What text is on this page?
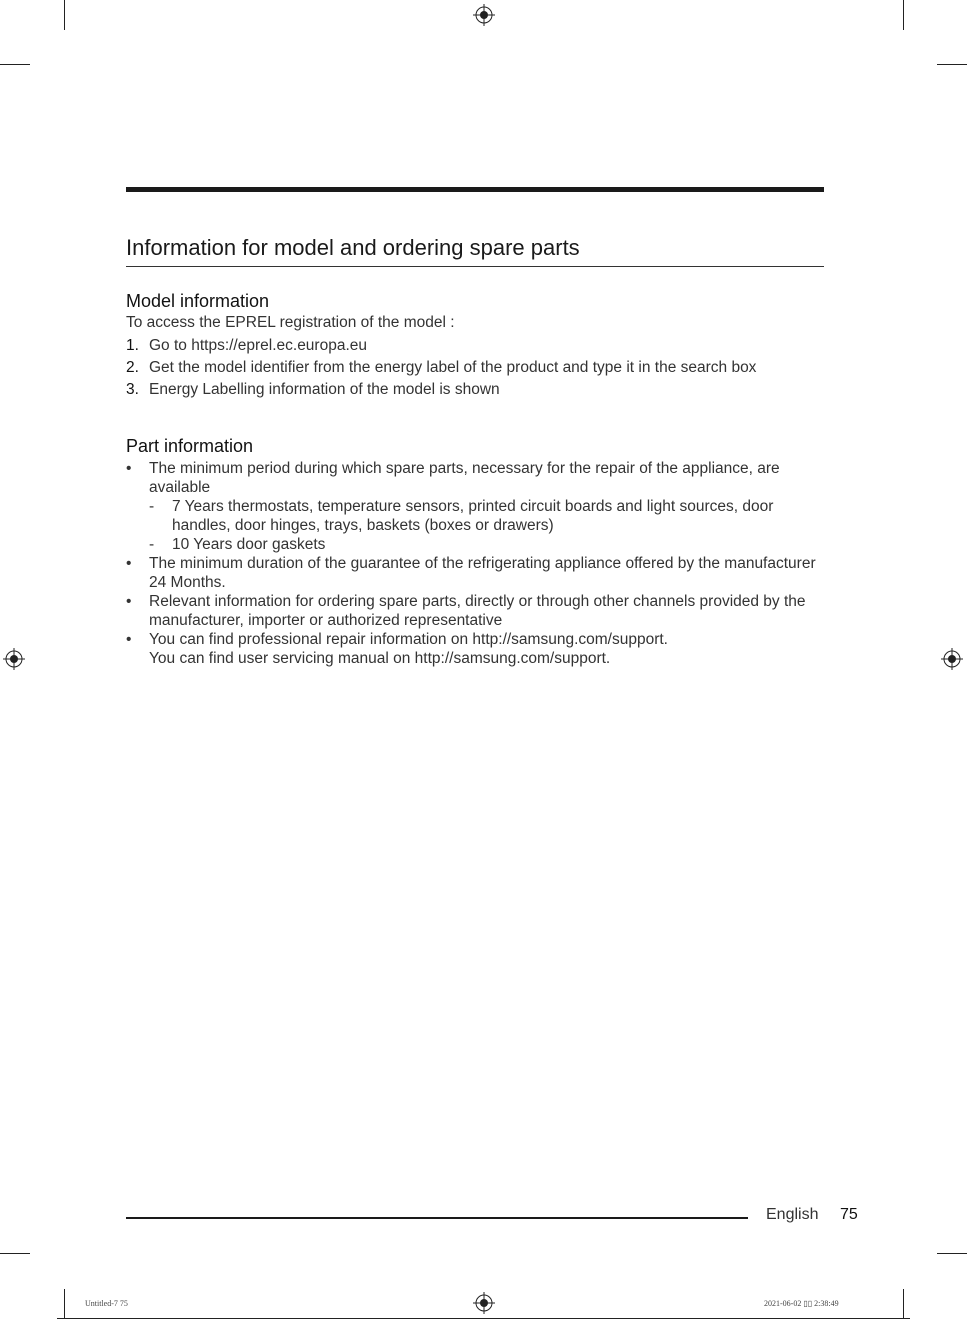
Information for model and ordering spare parts
Model information
To access the EPREL registration of the model :
1. Go to https://eprel.ec.europa.eu
2. Get the model identifier from the energy label of the product and type it in the search box
3. Energy Labelling information of the model is shown
Part information
• The minimum period during which spare parts, necessary for the repair of the appliance, are available
- 7 Years thermostats, temperature sensors, printed circuit boards and light sources, door handles, door hinges, trays, baskets (boxes or drawers)
- 10 Years door gaskets
• The minimum duration of the guarantee of the refrigerating appliance offered by the manufacturer 24 Months.
• Relevant information for ordering spare parts, directly or through other channels provided by the manufacturer, importer or authorized representative
• You can find professional repair information on http://samsung.com/support.
You can find user servicing manual on http://samsung.com/support.
English 75
Untitled-7 75	2021-06-02 ▯▯ 2:38:49
